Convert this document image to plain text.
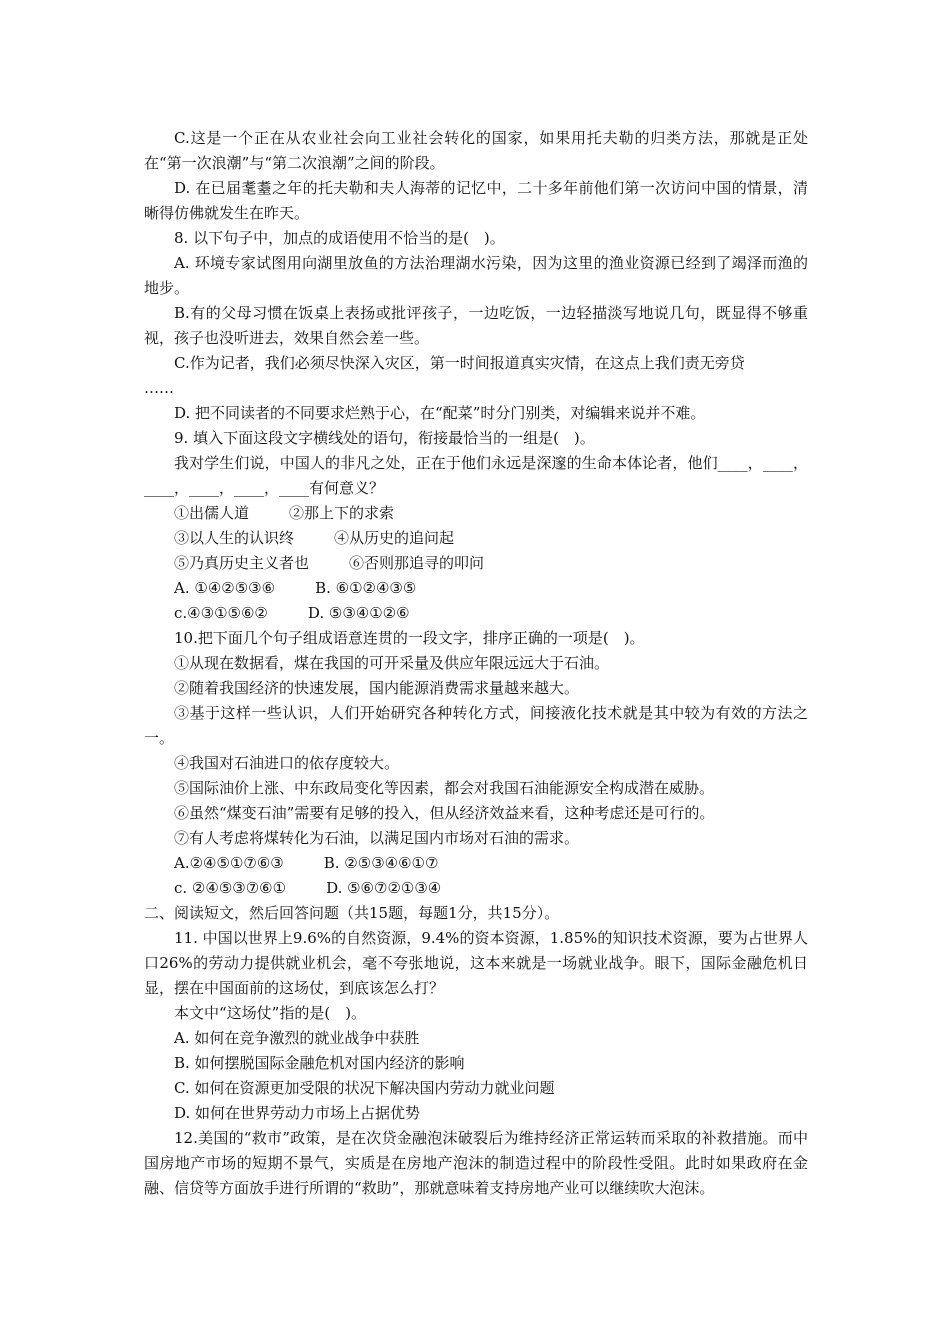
C.这是一个正在从农业社会向工业社会转化的国家，如果用托夫勒的归类方法，那就是正处在“第一次浪潮”与“第二次浪潮”之间的阶段。
D. 在已届耄耋之年的托夫勒和夫人海蒂的记忆中，二十多年前他们第一次访问中国的情景，清晰得仿佛就发生在昨天。
8. 以下句子中，加点的成语使用不恰当的是(　)。
A. 环境专家试图用向湖里放鱼的方法治理湖水污染，因为这里的渔业资源已经到了竭泽而渔的地步。
B.有的父母习惯在饭桌上表扬或批评孩子，一边吃饭，一边轻描淡写地说几句，既显得不够重视，孩子也没听进去，效果自然会差一些。
C.作为记者，我们必须尽快深入灾区，第一时间报道真实灾情，在这点上我们责无旁贷
……
D. 把不同读者的不同要求烂熟于心，在“配菜”时分门别类，对编辑来说并不难。
9. 填入下面这段文字横线处的语句，衔接最恰当的一组是(　)。
我对学生们说，中国人的非凡之处，正在于他们永远是深邃的生命本体论者，他们____，____，____，____，____，____有何意义？
①出儒人道	②那上下的求索
③以人生的认识终	④从历史的追问起
⑤乃真历史主义者也	⑥否则那追寻的叩问
A. ①④②⑤③⑥	B. ⑥①②④③⑤
c.④③①⑤⑥②	D. ⑤③④①②⑥
10.把下面几个句子组成语意连贯的一段文字，排序正确的一项是(　)。
①从现在数据看，煤在我国的可开采量及供应年限远远大于石油。
②随着我国经济的快速发展，国内能源消费需求量越来越大。
③基于这样一些认识，人们开始研究各种转化方式，间接液化技术就是其中较为有效的方法之一。
④我国对石油进口的依存度较大。
⑤国际油价上涨、中东政局变化等因素，都会对我国石油能源安全构成潜在威胁。
⑥虽然“煤变石油”需要有足够的投入，但从经济效益来看，这种考虑还是可行的。
⑦有人考虑将煤转化为石油，以满足国内市场对石油的需求。
A.②④⑤①⑦⑥③	B. ②⑤③④⑥①⑦
c. ②④⑤③⑦⑥①	D. ⑤⑥⑦②①③④
二、阅读短文，然后回答问题（共15题，每题1分，共15分）。
11. 中国以世界上9.6%的自然资源，9.4%的资本资源，1.85%的知识技术资源，要为占世界人口26%的劳动力提供就业机会，毫不夸张地说，这本来就是一场就业战争。眼下，国际金融危机日显，摆在中国面前的这场仗，到底该怎么打？
本文中“这场仗”指的是(　)。
A. 如何在竞争激烈的就业战争中获胜
B. 如何摆脱国际金融危机对国内经济的影响
C. 如何在资源更加受限的状况下解决国内劳动力就业问题
D. 如何在世界劳动力市场上占据优势
12.美国的“救市”政策，是在次贷金融泡沫破裂后为维持经济正常运转而采取的补救措施。而中国房地产市场的短期不景气，实质是在房地产泡沫的制造过程中的阶段性受阻。此时如果政府在金融、信贷等方面放手进行所谓的“救助”，那就意味着支持房地产业可以继续吹大泡沫。
